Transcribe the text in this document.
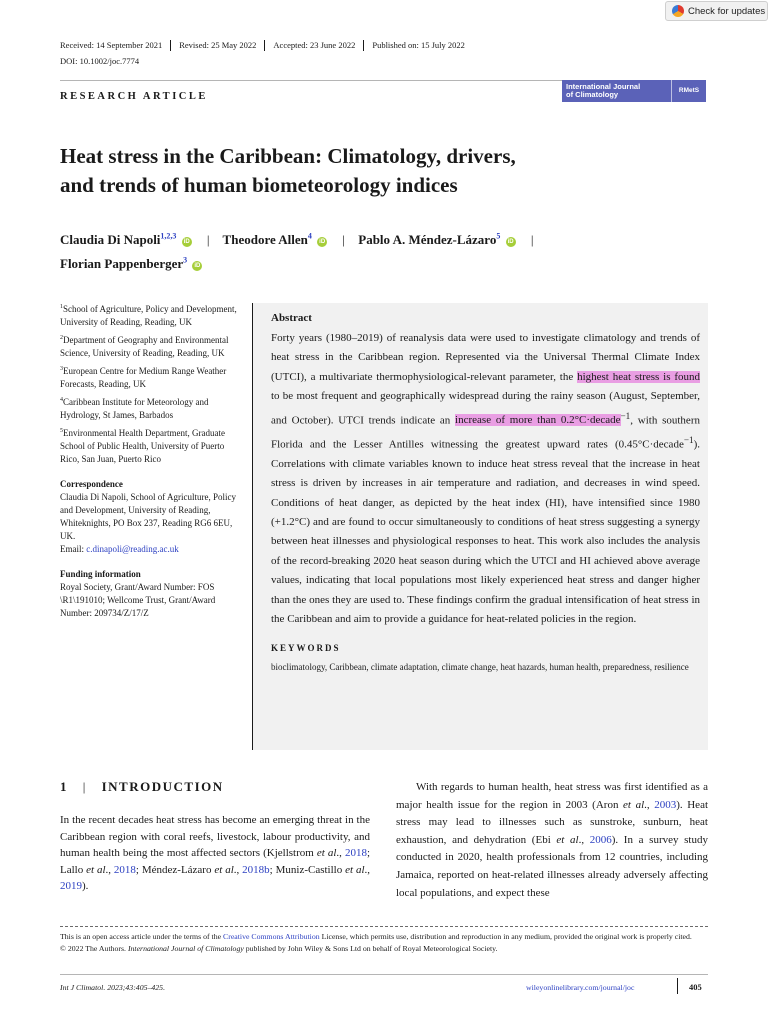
Check for updates
Received: 14 September 2021	Revised: 25 May 2022	Accepted: 23 June 2022	Published on: 15 July 2022
DOI: 10.1002/joc.7774
International Journal
of Climatology	RMetS
RESEARCH ARTICLE
Heat stress in the Caribbean: Climatology, drivers,
and trends of human biometeorology indices
Claudia Di Napoli$^{1,2,3}$ iD | Theodore Allen$^4$ iD | Pablo A. Méndez-Lázaro$^5$ iD |
Florian Pappenberger$^3$ iD

$^1$School of Agriculture, Policy and Development, University of Reading, Reading, UK

$^2$Department of Geography and Environmental Science, University of Reading, Reading, UK

$^3$European Centre for Medium Range Weather Forecasts, Reading, UK

$^4$Caribbean Institute for Meteorology and Hydrology, St James, Barbados

$^5$Environmental Health Department, Graduate School of Public Health, University of Puerto Rico, San Juan, Puerto Rico

Correspondence
Claudia Di Napoli, School of Agriculture, Policy and Development, University of Reading, Whiteknights, PO Box 237, Reading RG6 6EU, UK.
Email: c.dinapoli@reading.ac.uk
Funding information
Royal Society, Grant/Award Number: FOS \R1\191010; Wellcome Trust, Grant/Award Number: 209734/Z/17/Z
Abstract
Forty years (1980–2019) of reanalysis data were used to investigate climatology and trends of heat stress in the Caribbean region. Represented via the Universal Thermal Climate Index (UTCI), a multivariate thermophysiological-relevant parameter, the highest heat stress is found to be most frequent and geographically widespread during the rainy season (August, September, and October). UTCI trends indicate an increase of more than 0.2°C·decade$^{-1}$, with southern Florida and the Lesser Antilles witnessing the greatest upward rates (0.45°C·decade$^{-1}$). Correlations with climate variables known to induce heat stress reveal that the increase in heat stress is driven by increases in air temperature and radiation, and decreases in wind speed. Conditions of heat danger, as depicted by the heat index (HI), have intensified since 1980 (+1.2°C) and are found to occur simultaneously to conditions of heat stress suggesting a synergy between heat illnesses and physiological responses to heat. This work also includes the analysis of the record-breaking 2020 heat season during which the UTCI and HI achieved above average values, indicating that local populations most likely experienced heat stress and danger higher than the ones they are used to. These findings confirm the gradual intensification of heat stress in the Caribbean and aim to provide a guidance for heat-related policies in the region.
KEYWORDS
bioclimatology, Caribbean, climate adaptation, climate change, heat hazards, human health, preparedness, resilience
1 | INTRODUCTION
In the recent decades heat stress has become an emerging threat in the Caribbean region with coral reefs, livestock, labour productivity, and human health being the most affected sectors (Kjellstrom et al., 2018; Lallo et al., 2018; Méndez-Lázaro et al., 2018b; Muniz-Castillo et al., 2019).
With regards to human health, heat stress was first identified as a major health issue for the region in 2003 (Aron et al., 2003). Heat stress may lead to illnesses such as sunstroke, sunburn, heat exhaustion, and dehydration (Ebi et al., 2006). In a survey study conducted in 2020, health professionals from 12 countries, including Jamaica, reported on heat-related illnesses already adversely affecting local populations, and expect these
This is an open access article under the terms of the Creative Commons Attribution License, which permits use, distribution and reproduction in any medium, provided the original work is properly cited.
© 2022 The Authors. International Journal of Climatology published by John Wiley & Sons Ltd on behalf of Royal Meteorological Society.
Int J Climatol. 2023;43:405–425.	wileyonlinelibrary.com/journal/joc	405
